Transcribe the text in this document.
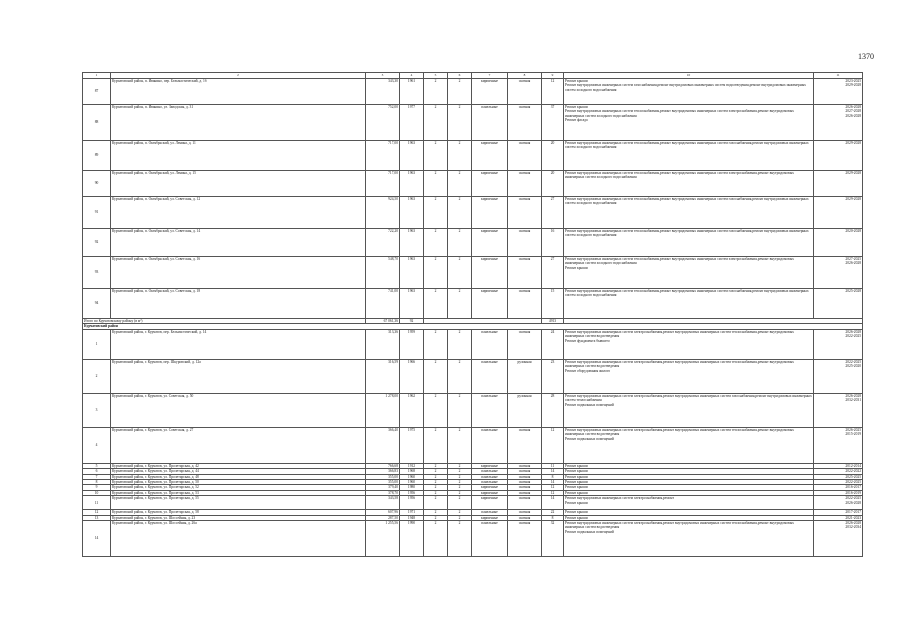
1370
1	2	3	4	5	6	7	8	9	10	11
87	Курчатовский район, п. Иванино, пер. Бельмастический, д. 1б	343,30	1961	2	2	кирпичные	скатная	12	Ремонт крыши
Ремонт внутридомовых инженерных систем газоснабжения,ремонт внутридомовых инженерных систем водоотведения,ремонт внутридомовых инженерных систем холодного водоснабжения	2023-2025
2029-2028

88	Курчатовский район, п. Иванино, ул. Заводская, д. 31	752,00	1977	2	2	панельные	скатная	37	Ремонт крыши
Ремонт внутридомовых инженерных систем теплоснабжения,ремонт внутридомовых инженерных систем электроснабжения,ремонт внутридомовых инженерных систем холодного водоснабжения
Ремонт фасада	2026-2028
2027-2028
2026-2028

89	Курчатовский район, п. Октябрьский, ул. Ленина, д. 11	717,00	1963	2	2	кирпичные	скатная	20	Ремонт внутридомовых инженерных систем теплоснабжения,ремонт внутридомовых инженерных систем газоснабжения,ремонт внутридомовых инженерных систем холодного водоснабжения	2029-2028

90	Курчатовский район, п. Октябрьский, ул. Ленина, д. 15	717,00	1963	2	2	кирпичные	скатная	20	Ремонт внутридомовых инженерных систем теплоснабжения,ремонт внутридомовых инженерных систем электроснабжения,ремонт внутридомовых инженерных систем холодного водоснабжения	2029-2028

91	Курчатовский район, п. Октябрьский, ул. Советская, д. 12	924,50	1963	2	2	кирпичные	скатная	27	Ремонт внутридомовых инженерных систем теплоснабжения,ремонт внутридомовых инженерных систем газоснабжения,ремонт внутридомовых инженерных систем холодного водоснабжения	2029-2028

92	Курчатовский район, п. Октябрьский, ул. Советская, д. 14	722,20	1963	2	2	кирпичные	скатная	16	Ремонт внутридомовых инженерных систем теплоснабжения,ремонт внутридомовых инженерных систем газоснабжения,ремонт внутридомовых инженерных систем холодного водоснабжения	2020-2028

93	Курчатовский район, п. Октябрьский, ул. Советская, д. 16	548,70	1963	2	2	кирпичные	скатная	27	Ремонт внутридомовых инженерных систем теплоснабжения,ремонт внутридомовых инженерных систем электроснабжения,ремонт внутридомовых инженерных систем холодного водоснабжения
Ремонт крыши	2027-2025
2026-2028

94	Курчатовский район, п. Октябрьский, ул. Советская, д. 18	741,00	1963	2	2	кирпичные	скатная	15	Ремонт внутридомовых инженерных систем теплоснабжения,ремонт внутридомовых инженерных систем газоснабжения,ремонт внутридомовых инженерных систем холодного водоснабжения	2025-2028

Итого по Курчатовскому району (в м²)		67 061,36	92					4913		
Курчатовский район										
1	Курчатовский район, г. Курчатов, пер. Бельмастический, д. 14	313,36	1959	2	2	панельные	скатная	24	Ремонт внутридомовых инженерных систем электроснабжения,ремонт внутридомовых инженерных систем теплоснабжения,ремонт внутридомовых инженерных систем водоотведения
Ремонт фундамента бывшего	2026-2028
2022-2025

2	Курчатовский район, г. Курчатов, пер. Шкуровский, д. 12а	316,59	1966	2	2	панельные	рулонная	23	Ремонт внутридомовых инженерных систем электроснабжения,ремонт внутридомовых инженерных систем теплоснабжения,ремонт внутридомовых инженерных систем водоотведения
Ремонт оборудования жилого	2022-2025
2025-2020

3	Курчатовский район, г. Курчатов, ул. Советская, д. 50	1 278,00	1962	2	2	панельные	рулонная	28	Ремонт внутридомовых инженерных систем электроснабжения,ремонт внутридомовых инженерных систем газоснабжения,ремонт внутридомовых инженерных систем теплоснабжения
Ремонт подвальных помещений	2026-2028
2032-2031

4	Курчатовский район, г. Курчатов, ул. Советская, д. 27	366,40	1975	2	2	панельные	скатная	12	Ремонт внутридомовых инженерных систем электроснабжения,ремонт внутридомовых инженерных систем теплоснабжения,ремонт внутридомовых инженерных систем водоотведения
Ремонт подвальных помещений	2026-2025
2015-2019

5	Курчатовский район, г. Курчатов, ул. Пролетарская, д. 42	766,68	1912	2	2	кирпичные	скатная	11	Ремонт крыши	2012-2014
6	Курчатовский район, г. Курчатов, ул. Пролетарская, д. 44	366,83	1968	2	2	панельные	скатная	14	Ремонт крыши	2022-2022
7	Курчатовский район, г. Курчатов, ул. Пролетарская, д. 48	355,00	1960	2	2	панельные	скатная	8	Ремонт крыши	2025-2025
8	Курчатовский район, г. Курчатов, ул. Пролетарская, д. 50	355,00	1960	2	2	панельные	скатная	14	Ремонт крыши	2022-2025
9	Курчатовский район, г. Курчатов, ул. Пролетарская, д. 52	379,40	1980	2	2	кирпичные	скатная	12	Ремонт крыши	2016-2017
10	Курчатовский район, г. Курчатов, ул. Пролетарская, д. 53	378,70	1956	2	2	кирпичные	скатная	12	Ремонт крыши	2016-2019
11	Курчатовский район, г. Курчатов, ул. Пролетарская, д. 55	343,58	1956	2	2	кирпичные	скатная	14	Ремонт внутридомовых инженерных систем электроснабжения,ремонт
Ремонт крыши	2022-2025
2026-2028

12	Курчатовский район, г. Курчатов, ул. Пролетарская, д. 58	607,96	1971	2	2	панельные	скатная	22	Ремонт крыши	2017-2017
13	Курчатовский район, г. Курчатов, ул. Шоссейная, д. 23	287,50	1948	2	2	кирпичные	скатная	8	Ремонт крыши	2021-2023
14	Курчатовский район, г. Курчатов, ул. Шоссейная, д. 26а	1 255,56	1990	2	2	панельные	скатная	32	Ремонт внутридомовых инженерных систем электроснабжения,ремонт внутридомовых инженерных систем теплоснабжения,ремонт внутридомовых инженерных систем водоотведения
Ремонт подвальных помещений	2026-2028
2032-2034
